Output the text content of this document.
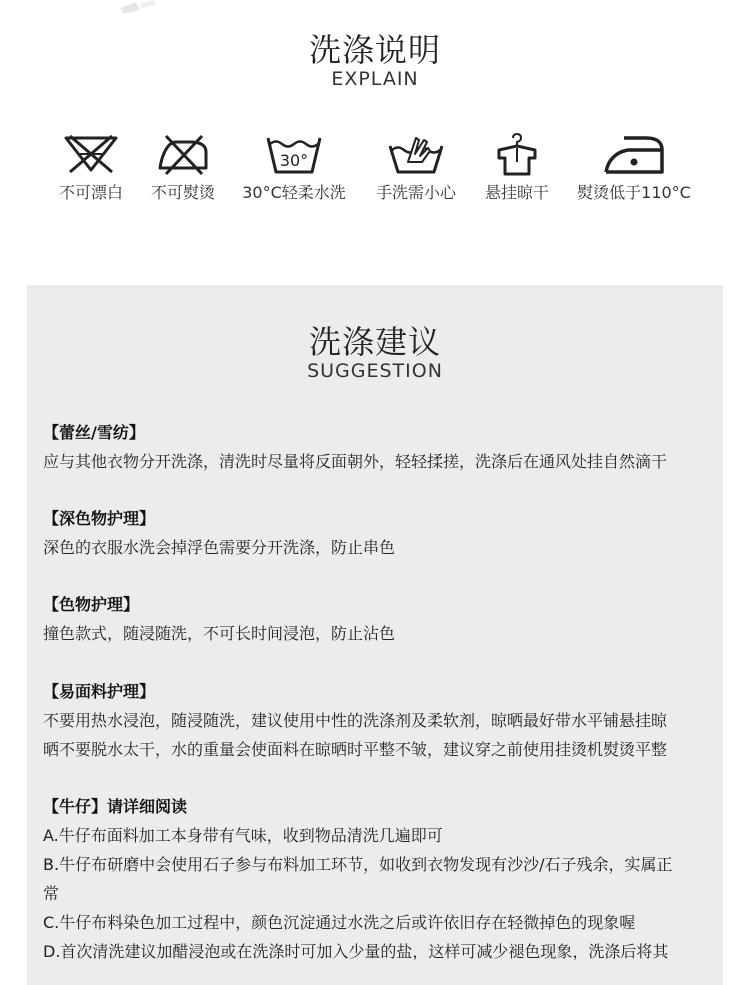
洗涤说明
EXPLAIN
不可漂白 不可熨烫
30°
30°C轻柔水洗 手洗需小心 悬挂晾干 熨烫低于110°C
洗涤建议
SUGGESTION
【蕾丝/雪纺】

应与其他衣物分开洗涤，清洗时尽量将反面朝外，轻轻揉搓，洗涤后在通风处挂自然滴干

【深色物护理】

深色的衣服水洗会掉浮色需要分开洗涤，防止串色

【色物护理】

撞色款式，随浸随洗，不可长时间浸泡，防止沾色

【易面料护理】

不要用热水浸泡，随浸随洗，建议使用中性的洗涤剂及柔软剂，晾晒最好带水平铺悬挂晾

晒不要脱水太干，水的重量会使面料在晾晒时平整不皱，建议穿之前使用挂烫机熨烫平整

【牛仔】请详细阅读

A.牛仔布面料加工本身带有气味，收到物品清洗几遍即可

B.牛仔布研磨中会使用石子参与布料加工环节，如收到衣物发现有沙沙/石子残余，实属正

常

C.牛仔布料染色加工过程中，颜色沉淀通过水洗之后或许依旧存在轻微掉色的现象喔

D.首次清洗建议加醋浸泡或在洗涤时可加入少量的盐，这样可减少褪色现象，洗涤后将其
